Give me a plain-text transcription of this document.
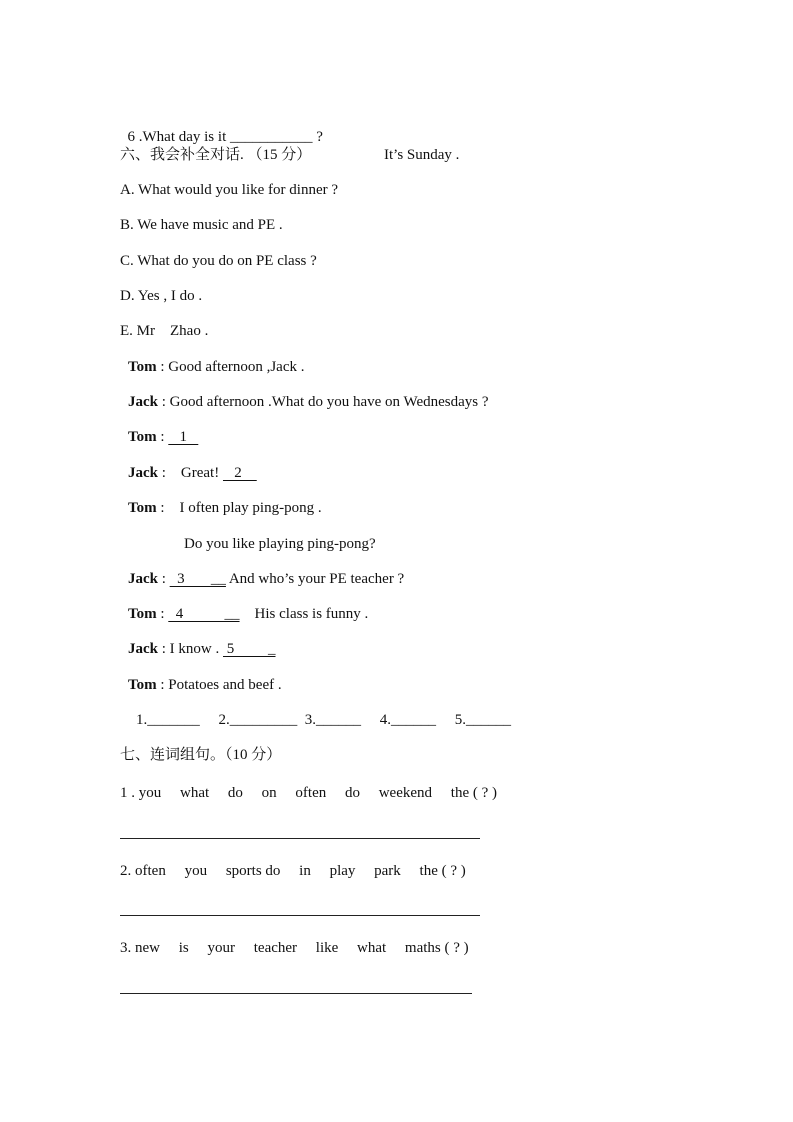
6 .What day is it ___________ ?

It’s Sunday .

六、我会补全对话. （15 分）
A. What would you like for dinner ?
B. We have music and PE .
C. What do you do on PE class ?
D. Yes , I do .
E. Mr　Zhao .
Tom : Good afternoon ,Jack .
Jack : Good afternoon .What do you have on Wednesdays ?
Tom :    1
Jack :    Great!    2
Tom :    I often play ping-pong .
Do you like playing ping-pong?
Jack :   3       __ And who’s your PE teacher ?
Tom :   4           __    His class is funny .
Jack : I know .  5         _
Tom : Potatoes and beef .
1._______     2._________  3.______     4.______     5.______
七、连词组句。（10 分）
1 . you     what     do     on     often     do     weekend     the ( ? )
2. often     you     sports do     in     play     park     the ( ? )
3. new     is     your     teacher     like     what     maths ( ? )
